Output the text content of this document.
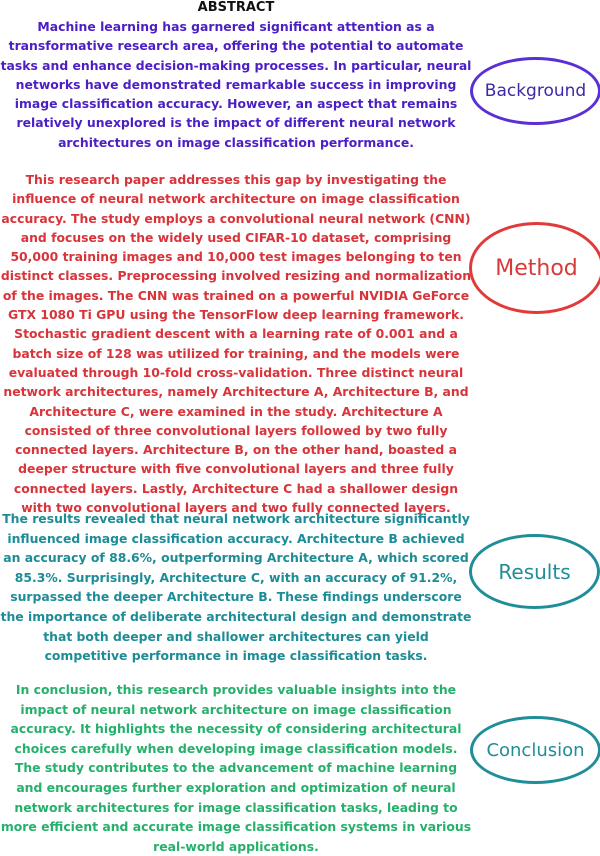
ABSTRACT

Machine learning has garnered significant attention as a transformative research area, offering the potential to automate tasks and enhance decision-making processes. In particular, neural networks have demonstrated remarkable success in improving image classification accuracy. However, an aspect that remains relatively unexplored is the impact of different neural network architectures on image classification performance.

Background

This research paper addresses this gap by investigating the influence of neural network architecture on image classification accuracy. The study employs a convolutional neural network (CNN) and focuses on the widely used CIFAR-10 dataset, comprising 50,000 training images and 10,000 test images belonging to ten distinct classes. Preprocessing involved resizing and normalization of the images. The CNN was trained on a powerful NVIDIA GeForce GTX 1080 Ti GPU using the TensorFlow deep learning framework. Stochastic gradient descent with a learning rate of 0.001 and a batch size of 128 was utilized for training, and the models were evaluated through 10-fold cross-validation. Three distinct neural network architectures, namely Architecture A, Architecture B, and Architecture C, were examined in the study. Architecture A consisted of three convolutional layers followed by two fully connected layers. Architecture B, on the other hand, boasted a deeper structure with five convolutional layers and three fully connected layers. Lastly, Architecture C had a shallower design with two convolutional layers and two fully connected layers.

Method

The results revealed that neural network architecture significantly influenced image classification accuracy. Architecture B achieved an accuracy of 88.6%, outperforming Architecture A, which scored 85.3%. Surprisingly, Architecture C, with an accuracy of 91.2%, surpassed the deeper Architecture B. These findings underscore the importance of deliberate architectural design and demonstrate that both deeper and shallower architectures can yield competitive performance in image classification tasks.

Results

In conclusion, this research provides valuable insights into the impact of neural network architecture on image classification accuracy. It highlights the necessity of considering architectural choices carefully when developing image classification models. The study contributes to the advancement of machine learning and encourages further exploration and optimization of neural network architectures for image classification tasks, leading to more efficient and accurate image classification systems in various real-world applications.

Conclusion
